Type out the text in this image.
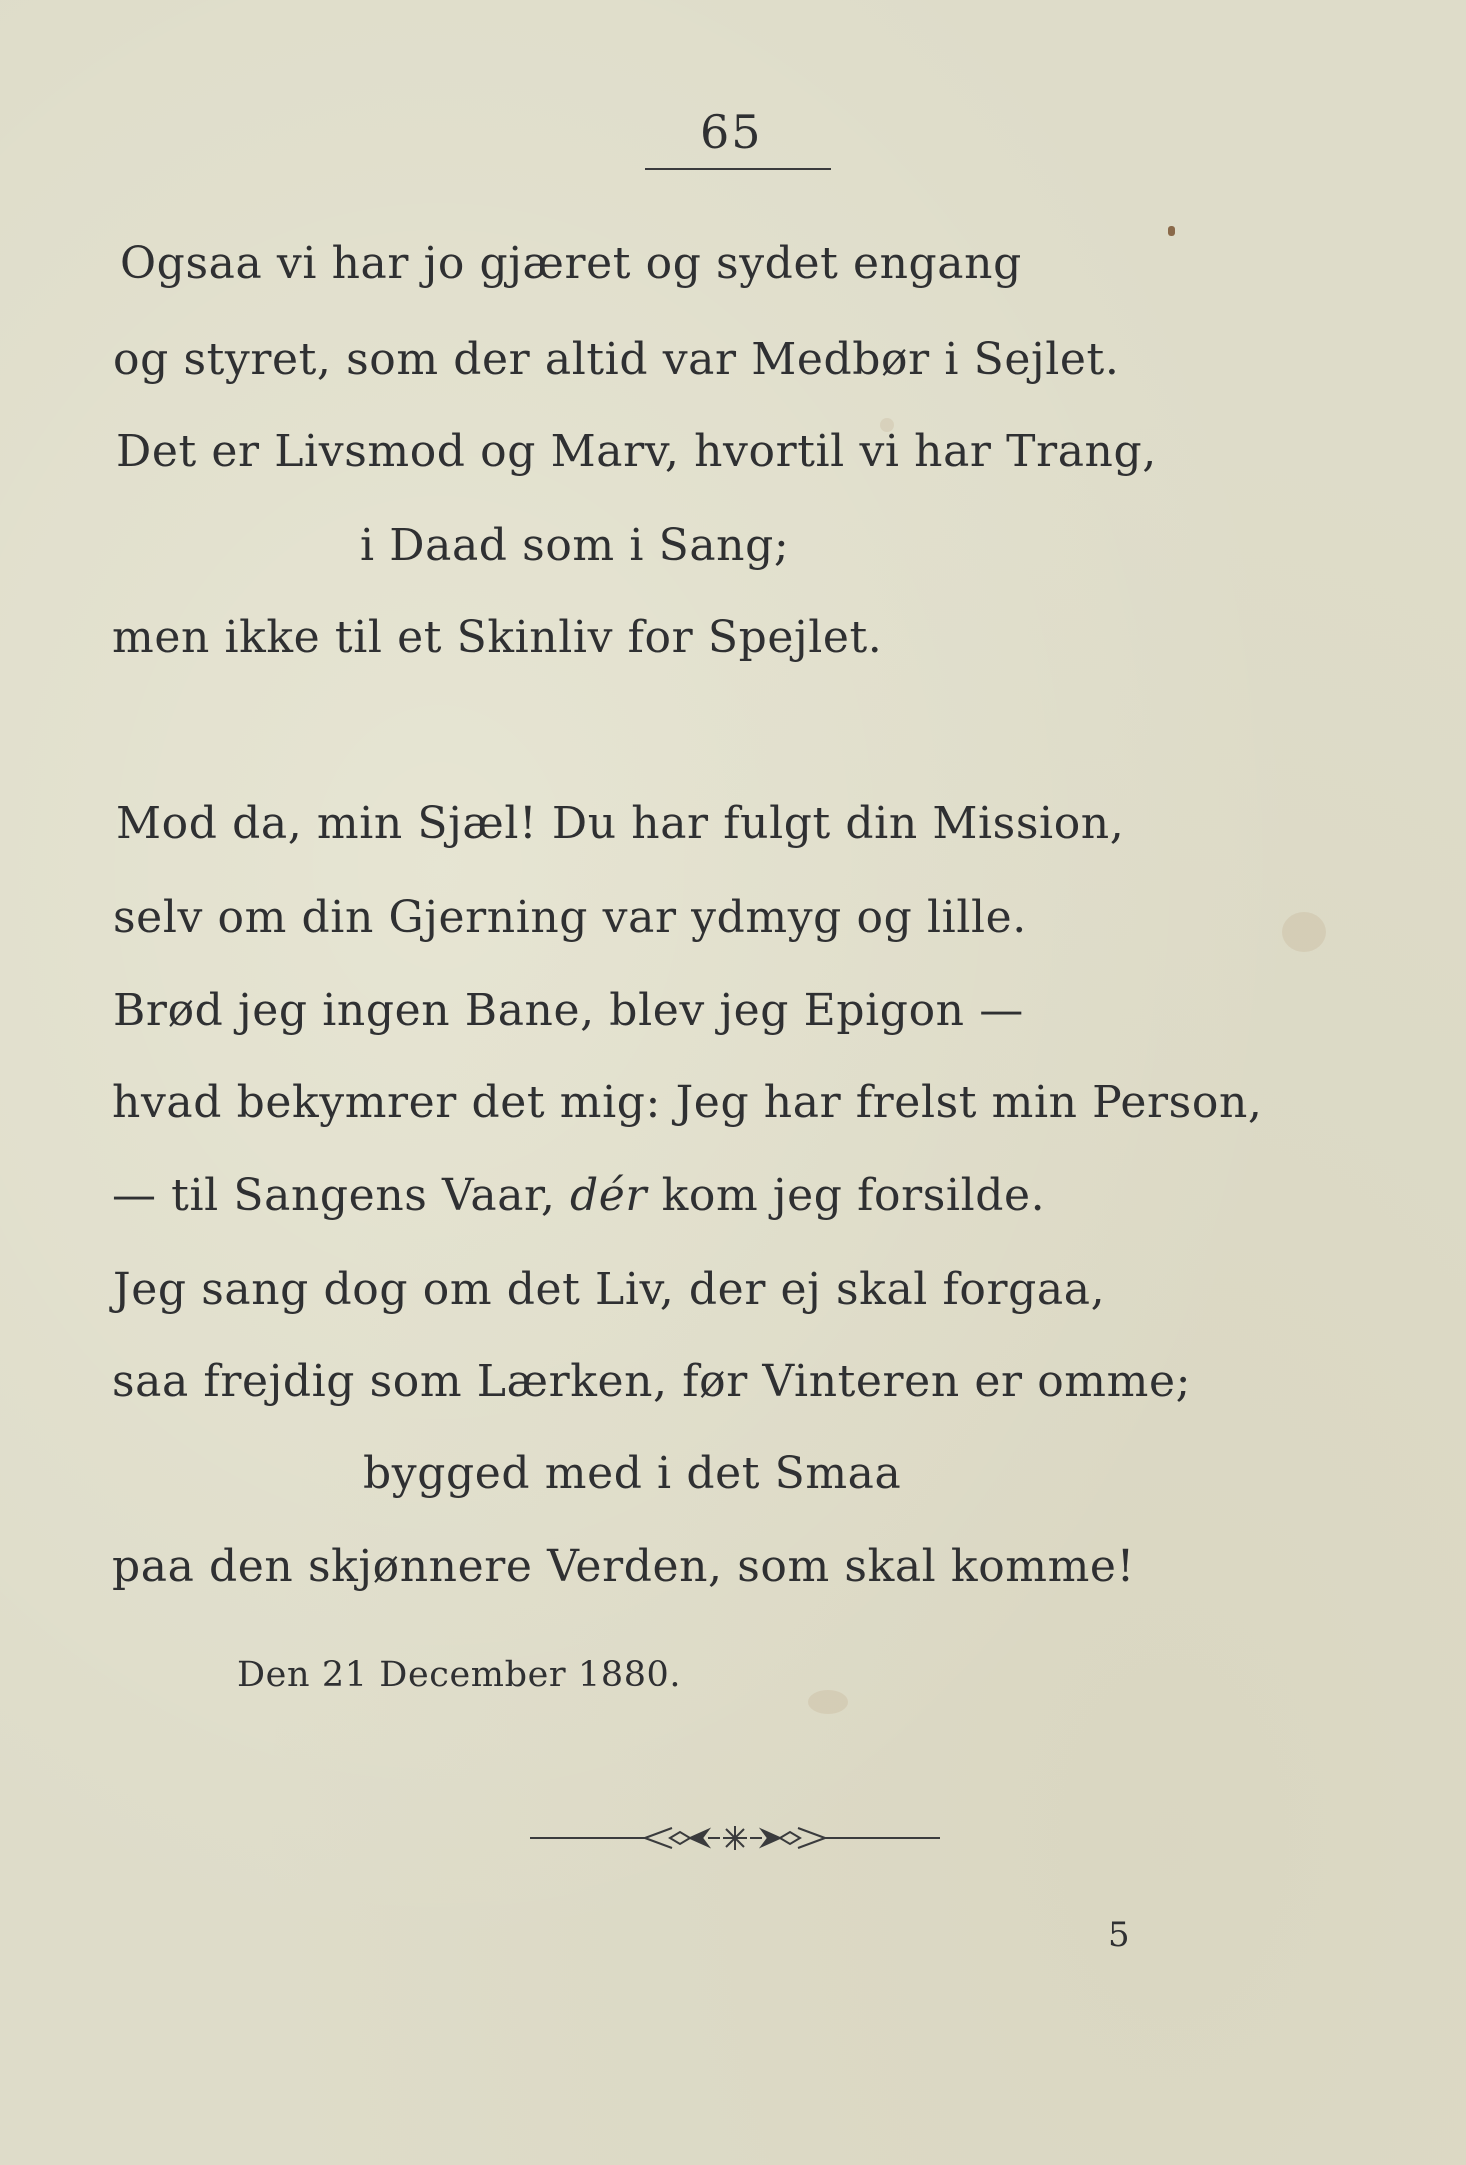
65
Ogsaa vi har jo gjæret og sydet engang
og styret, som der altid var Medbør i Sejlet.
Det er Livsmod og Marv, hvortil vi har Trang,
i Daad som i Sang;
men ikke til et Skinliv for Spejlet.
Mod da, min Sjæl! Du har fulgt din Mission,
selv om din Gjerning var ydmyg og lille.
Brød jeg ingen Bane, blev jeg Epigon —
hvad bekymrer det mig: Jeg har frelst min Person,
— til Sangens Vaar, dér kom jeg forsilde.
Jeg sang dog om det Liv, der ej skal forgaa,
saa frejdig som Lærken, før Vinteren er omme;
bygged med i det Smaa
paa den skjønnere Verden, som skal komme!
Den 21 December 1880.
5
